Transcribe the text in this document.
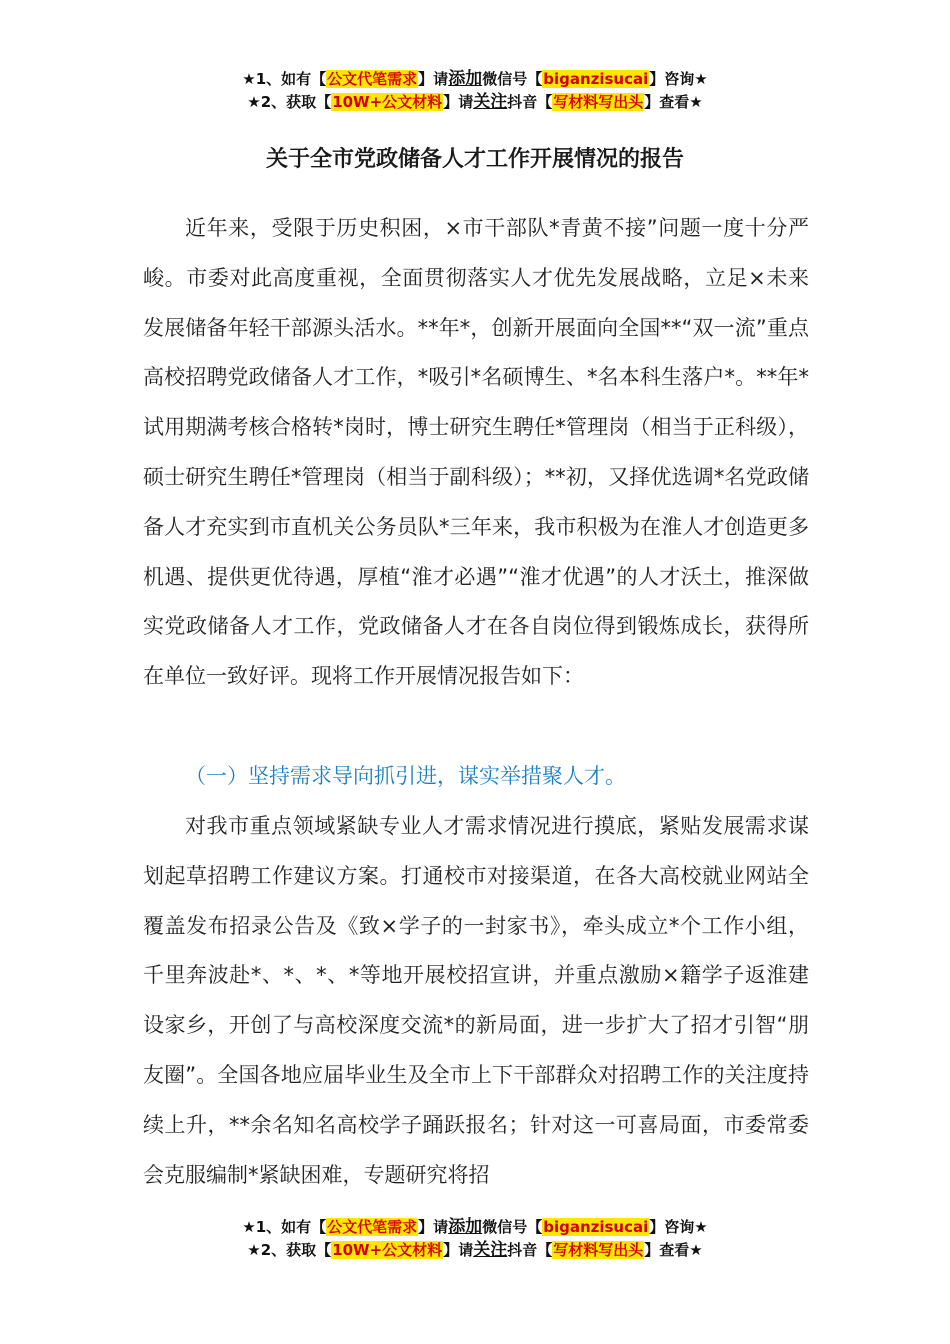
★1、如有【公文代笔需求】请添加微信号【biganzisucai】咨询★
★2、获取【10W+公文材料】请关注抖音【写材料写出头】查看★
关于全市党政储备人才工作开展情况的报告
近年来，受限于历史积困，×市干部队*青黄不接”问题一度十分严峻。市委对此高度重视，全面贯彻落实人才优先发展战略，立足×未来发展储备年轻干部源头活水。**年*，创新开展面向全国**“双一流”重点高校招聘党政储备人才工作，*吸引*名硕博生、*名本科生落户*。**年*试用期满考核合格转*岗时，博士研究生聘任*管理岗（相当于正科级），硕士研究生聘任*管理岗（相当于副科级）；**初，又择优选调*名党政储备人才充实到市直机关公务员队*三年来，我市积极为在淮人才创造更多机遇、提供更优待遇，厚植“淮才必遇”“淮才优遇”的人才沃土，推深做实党政储备人才工作，党政储备人才在各自岗位得到锻炼成长，获得所在单位一致好评。现将工作开展情况报告如下：
（一）坚持需求导向抓引进，谋实举措聚人才。
对我市重点领域紧缺专业人才需求情况进行摸底，紧贴发展需求谋划起草招聘工作建议方案。打通校市对接渠道，在各大高校就业网站全覆盖发布招录公告及《致×学子的一封家书》，牵头成立*个工作小组，千里奔波赴*、*、*、*等地开展校招宣讲，并重点激励×籍学子返淮建设家乡，开创了与高校深度交流*的新局面，进一步扩大了招才引智“朋友圈”。全国各地应届毕业生及全市上下干部群众对招聘工作的关注度持续上升，**余名知名高校学子踊跃报名；针对这一可喜局面，市委常委会克服编制*紧缺困难，专题研究将招
★1、如有【公文代笔需求】请添加微信号【biganzisucai】咨询★
★2、获取【10W+公文材料】请关注抖音【写材料写出头】查看★
